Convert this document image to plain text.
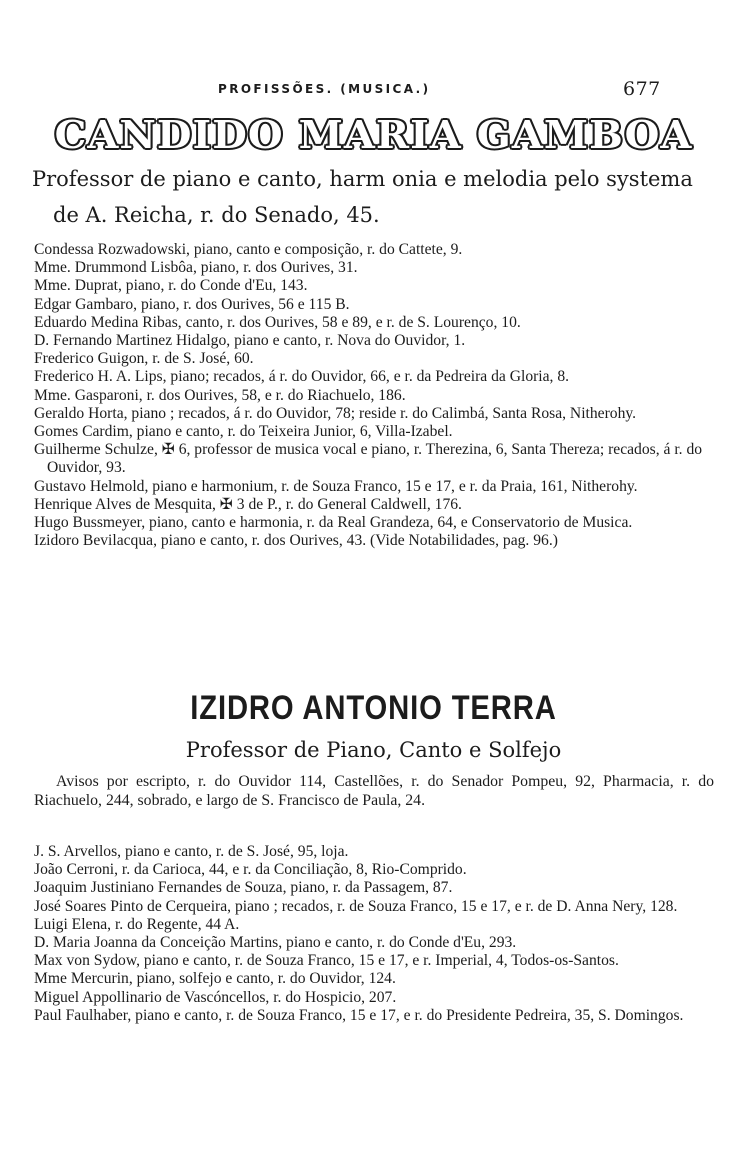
PROFISSÕES. (MUSICA.)	677
CANDIDO MARIA GAMBOA
Professor de piano e canto, harm onia e melodia pelo systema
de A. Reicha, r. do Senado, 45.
Condessa Rozwadowski, piano, canto e composição, r. do Cattete, 9.
Mme. Drummond Lisbôa, piano, r. dos Ourives, 31.
Mme. Duprat, piano, r. do Conde d'Eu, 143.
Edgar Gambaro, piano, r. dos Ourives, 56 e 115 B.
Eduardo Medina Ribas, canto, r. dos Ourives, 58 e 89, e r. de S. Lourenço, 10.
D. Fernando Martinez Hidalgo, piano e canto, r. Nova do Ouvidor, 1.
Frederico Guigon, r. de S. José, 60.
Frederico H. A. Lips, piano; recados, á r. do Ouvidor, 66, e r. da Pedreira da Gloria, 8.
Mme. Gasparoni, r. dos Ourives, 58, e r. do Riachuelo, 186.
Geraldo Horta, piano ; recados, á r. do Ouvidor, 78; reside r. do Calimbá, Santa Rosa, Nitherohy.
Gomes Cardim, piano e canto, r. do Teixeira Junior, 6, Villa-Izabel.
Guilherme Schulze, ✠ 6, professor de musica vocal e piano, r. Therezina, 6, Santa Thereza; recados, á r. do Ouvidor, 93.
Gustavo Helmold, piano e harmonium, r. de Souza Franco, 15 e 17, e r. da Praia, 161, Nitherohy.
Henrique Alves de Mesquita, ✠ 3 de P., r. do General Caldwell, 176.
Hugo Bussmeyer, piano, canto e harmonia, r. da Real Grandeza, 64, e Conservatorio de Musica.
Izidoro Bevilacqua, piano e canto, r. dos Ourives, 43. (Vide Notabilidades, pag. 96.)
IZIDRO ANTONIO TERRA
Professor de Piano, Canto e Solfejo
Avisos por escripto, r. do Ouvidor 114, Castellões, r. do Senador Pompeu, 92, Pharmacia, r. do Riachuelo, 244, sobrado, e largo de S. Francisco de Paula, 24.
J. S. Arvellos, piano e canto, r. de S. José, 95, loja.
João Cerroni, r. da Carioca, 44, e r. da Conciliação, 8, Rio-Comprido.
Joaquim Justiniano Fernandes de Souza, piano, r. da Passagem, 87.
José Soares Pinto de Cerqueira, piano ; recados, r. de Souza Franco, 15 e 17, e r. de D. Anna Nery, 128.
Luigi Elena, r. do Regente, 44 A.
D. Maria Joanna da Conceição Martins, piano e canto, r. do Conde d'Eu, 293.
Max von Sydow, piano e canto, r. de Souza Franco, 15 e 17, e r. Imperial, 4, Todos-os-Santos.
Mme Mercurin, piano, solfejo e canto, r. do Ouvidor, 124.
Miguel Appollinario de Vascóncellos, r. do Hospicio, 207.
Paul Faulhaber, piano e canto, r. de Souza Franco, 15 e 17, e r. do Presidente Pedreira, 35, S. Domingos.
